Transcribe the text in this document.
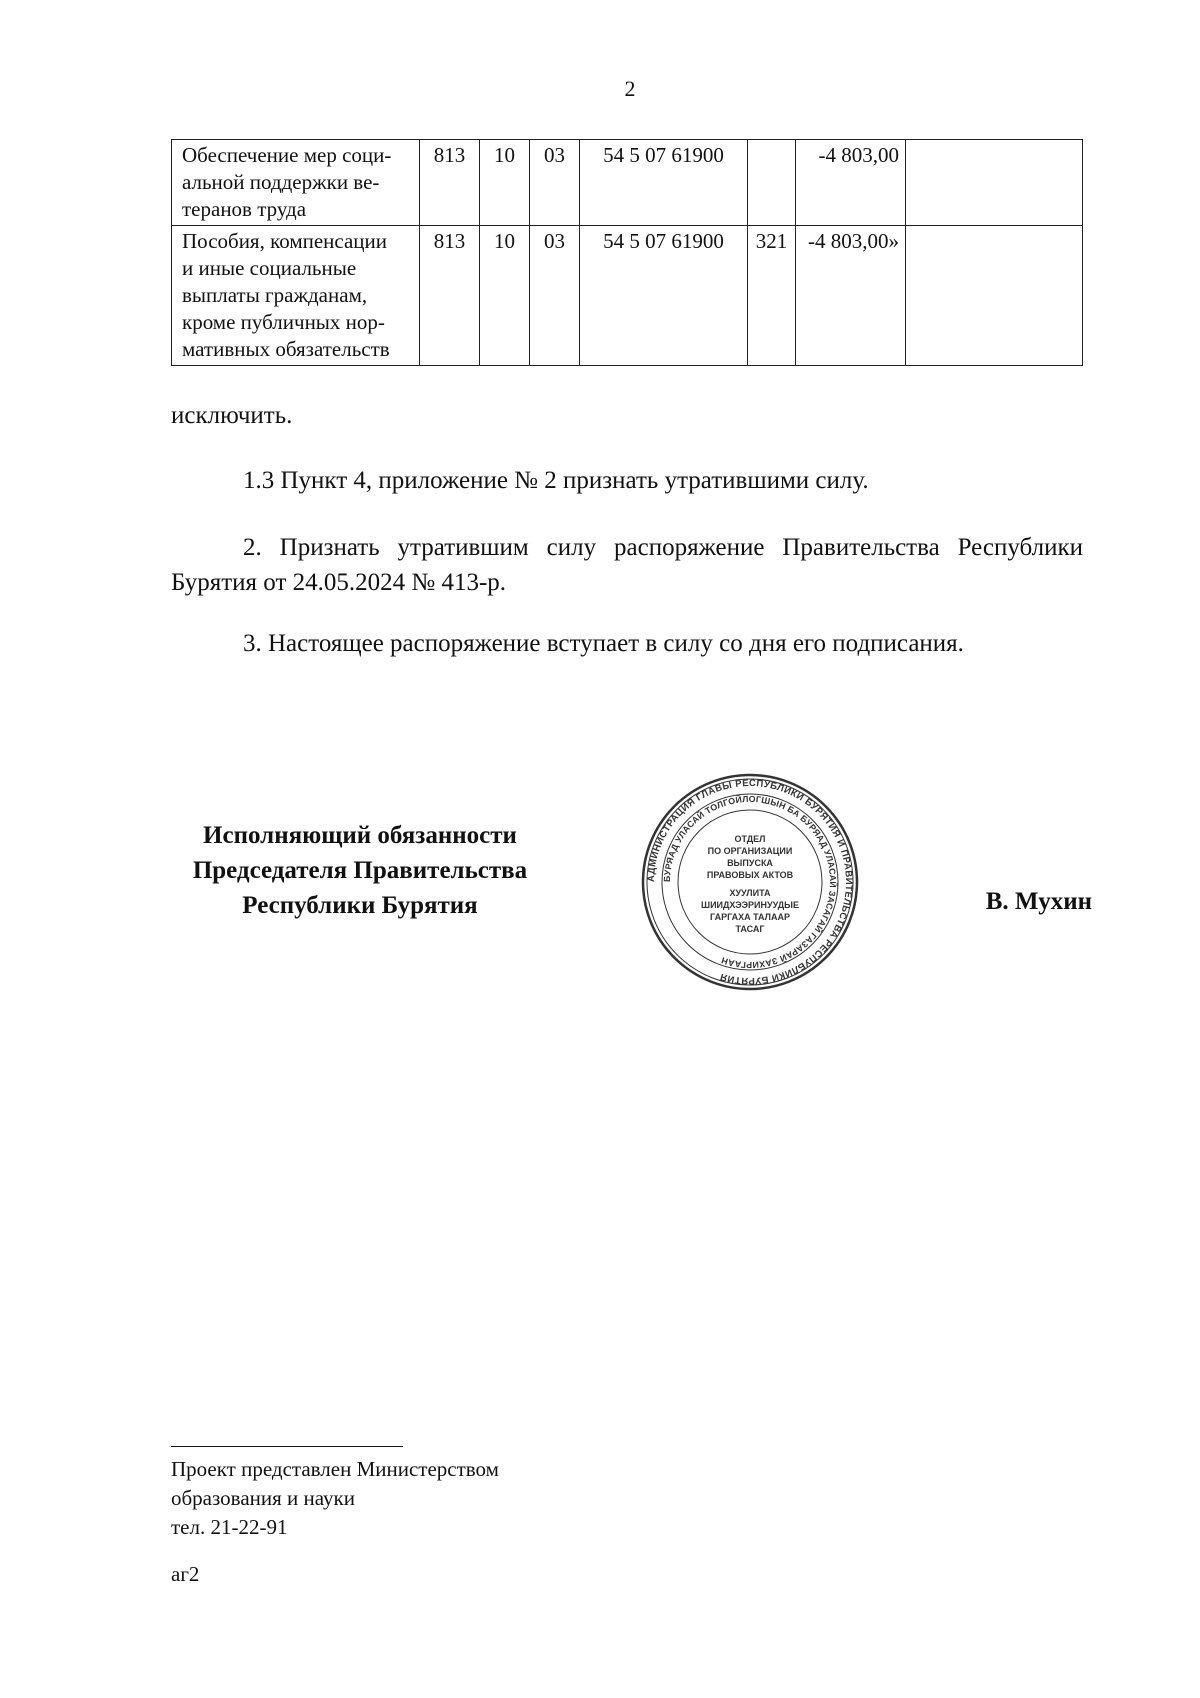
2
Обеспечение мер соци-
альной поддержки ве-
теранов труда	813	10	03	54 5 07 61900		-4 803,00	

Пособия, компенсации
и иные социальные
выплаты гражданам,
кроме публичных нор-
мативных обязательств	813	10	03	54 5 07 61900	321	-4 803,00»	
исключить.
1.3 Пункт 4, приложение № 2 признать утратившими силу.
2. Признать утратившим силу распоряжение Правительства Республики Бурятия от 24.05.2024 № 413-р.
3. Настоящее распоряжение вступает в силу со дня его подписания.
Исполняющий обязанности
Председателя Правительства
Республики Бурятия
АДМИНИСТРАЦИЯ ГЛАВЫ РЕСПУБЛИКИ БУРЯТИЯ И ПРАВИТЕЛЬСТВА РЕСПУБЛИКИ БУРЯТИЯ
БУРЯАД УЛАСАЙ ТОЛГОЙЛОГШЫН БА БУРЯАД УЛАСАЙ ЗАСАГАЙ ГАЗАРАЙ ЗАХИРГААН
ОТДЕЛ
ПО ОРГАНИЗАЦИИ
ВЫПУСКА
ПРАВОВЫХ АКТОВ
ХУУЛИТА
ШИИДХЭЭРИНУУДЫЕ
ГАРГАХА ТАЛААР
ТАСАГ
В. Мухин
Проект представлен Министерством
образования и науки
тел. 21-22-91
аг2
